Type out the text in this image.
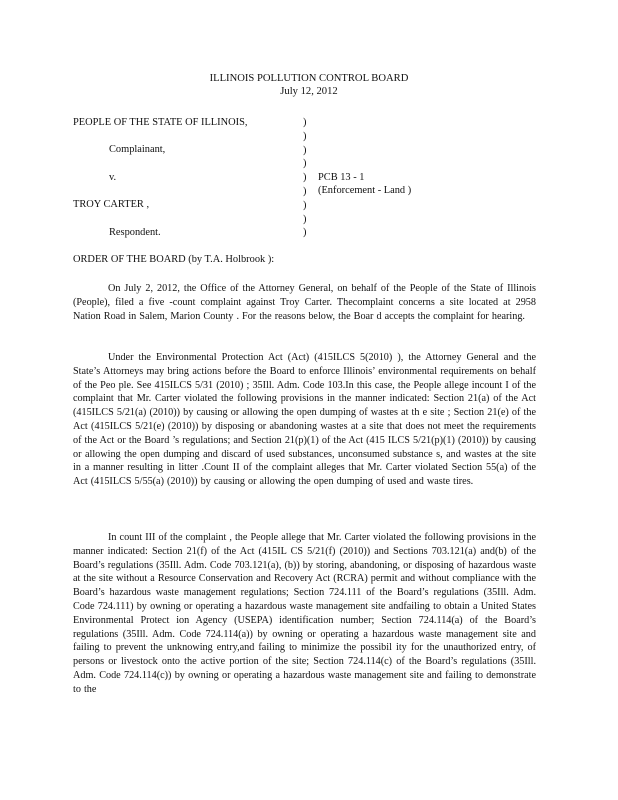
ILLINOIS POLLUTION CONTROL BOARD
July 12, 2012
PEOPLE OF THE STATE OF ILLINOIS,
Complainant,
v.
TROY CARTER ,
Respondent.
)
)
)
)
)
)
)
)
)
PCB 13 - 1
(Enforcement - Land )
ORDER OF THE BOARD (by T.A. Holbrook ):
On July 2, 2012, the Office of the Attorney General, on behalf of the People of the State of Illinois (People), filed a five -count complaint against Troy Carter. Thecomplaint concerns a site located at 2958 Nation Road in Salem, Marion County . For the reasons below, the Boar d accepts the complaint for hearing.
Under the Environmental Protection Act (Act) (415ILCS 5(2010) ), the Attorney General and the State’s Attorneys may bring actions before the Board to enforce Illinois’ environmental requirements on behalf of the Peo ple. See 415ILCS 5/31 (2010) ; 35Ill. Adm. Code 103.In this case, the People allege incount I of the complaint that Mr. Carter violated the following provisions in the manner indicated: Section 21(a) of the Act (415ILCS 5/21(a) (2010)) by causing or allowing the open dumping of wastes at th e site ; Section 21(e) of the Act (415ILCS 5/21(e) (2010)) by disposing or abandoning wastes at a site that does not meet the requirements of the Act or the Board ’s regulations; and Section 21(p)(1) of the Act (415 ILCS 5/21(p)(1) (2010)) by causing or allowing the open dumping and discard of used substances, unconsumed substance s, and wastes at the site in a manner resulting in litter .Count II of the complaint alleges that Mr. Carter violated Section 55(a) of the Act (415ILCS 5/55(a) (2010)) by causing or allowing the open dumping of used and waste tires.
In count III of the complaint , the People allege that Mr. Carter violated the following provisions in the manner indicated: Section 21(f) of the Act (415IL CS 5/21(f) (2010)) and Sections 703.121(a) and(b) of the Board’s regulations (35Ill. Adm. Code 703.121(a), (b)) by storing, abandoning, or disposing of hazardous waste at the site without a Resource Conservation and Recovery Act (RCRA) permit and without compliance with the Board’s hazardous waste management regulations; Section 724.111 of the Board’s regulations (35Ill. Adm. Code 724.111) by owning or operating a hazardous waste management site andfailing to obtain a United States Environmental Protect ion Agency (USEPA) identification number; Section 724.114(a) of the Board’s regulations (35Ill. Adm. Code 724.114(a)) by owning or operating a hazardous waste management site and failing to prevent the unknowing entry,and failing to minimize the possibil ity for the unauthorized entry, of persons or livestock onto the active portion of the site; Section 724.114(c) of the Board’s regulations (35Ill. Adm. Code 724.114(c)) by owning or operating a hazardous waste management site and failing to demonstrate to the
